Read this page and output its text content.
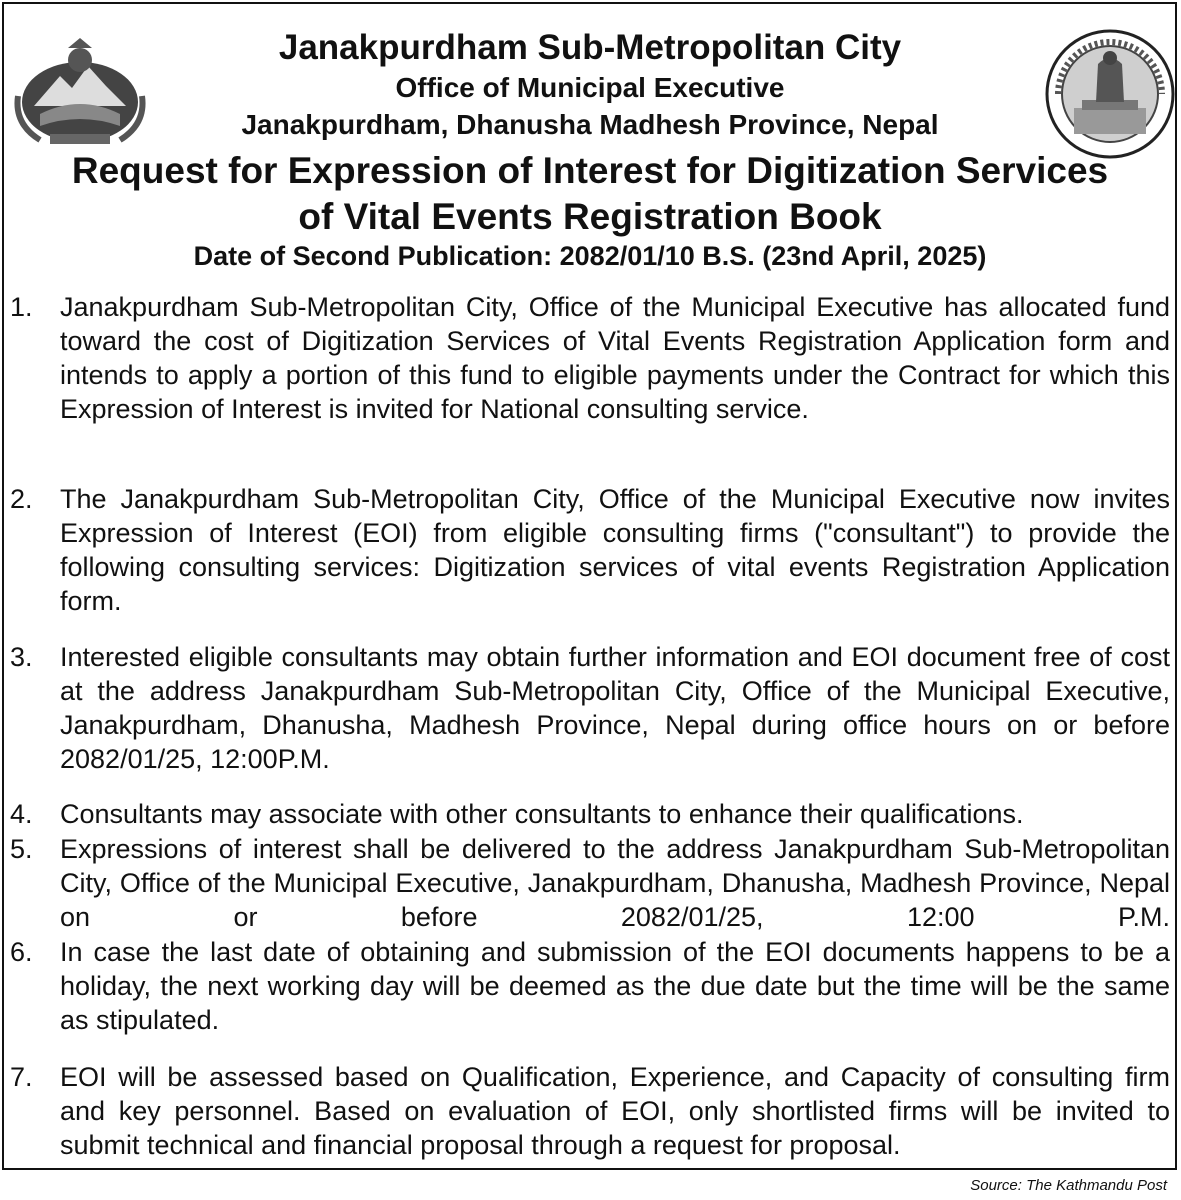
Janakpurdham Sub-Metropolitan City
Office of Municipal Executive
Janakpurdham, Dhanusha Madhesh Province, Nepal
Request for Expression of Interest for Digitization Services of Vital Events Registration Book
Date of Second Publication: 2082/01/10 B.S. (23nd April, 2025)
1.	Janakpurdham Sub-Metropolitan City, Office of the Municipal Executive has allocated fund toward the cost of Digitization Services of Vital Events Registration Application form and intends to apply a portion of this fund to eligible payments under the Contract for which this Expression of Interest is invited for National consulting service.
2.	The Janakpurdham Sub-Metropolitan City, Office of the Municipal Executive now invites Expression of Interest (EOI) from eligible consulting firms ("consultant") to provide the following consulting services: Digitization services of vital events Registration Application form.
3.	Interested eligible consultants may obtain further information and EOI document free of cost at the address Janakpurdham Sub-Metropolitan City, Office of the Municipal Executive, Janakpurdham, Dhanusha, Madhesh Province, Nepal during office hours on or before 2082/01/25, 12:00P.M.
4.	Consultants may associate with other consultants to enhance their qualifications.
5.	Expressions of interest shall be delivered to the address Janakpurdham Sub-Metropolitan City, Office of the Municipal Executive, Janakpurdham, Dhanusha, Madhesh Province, Nepal on or before 2082/01/25, 12:00 P.M.
6.	In case the last date of obtaining and submission of the EOI documents happens to be a holiday, the next working day will be deemed as the due date but the time will be the same as stipulated.
7.	EOI will be assessed based on Qualification, Experience, and Capacity of consulting firm and key personnel. Based on evaluation of EOI, only shortlisted firms will be invited to submit technical and financial proposal through a request for proposal.
Source: The Kathmandu Post
